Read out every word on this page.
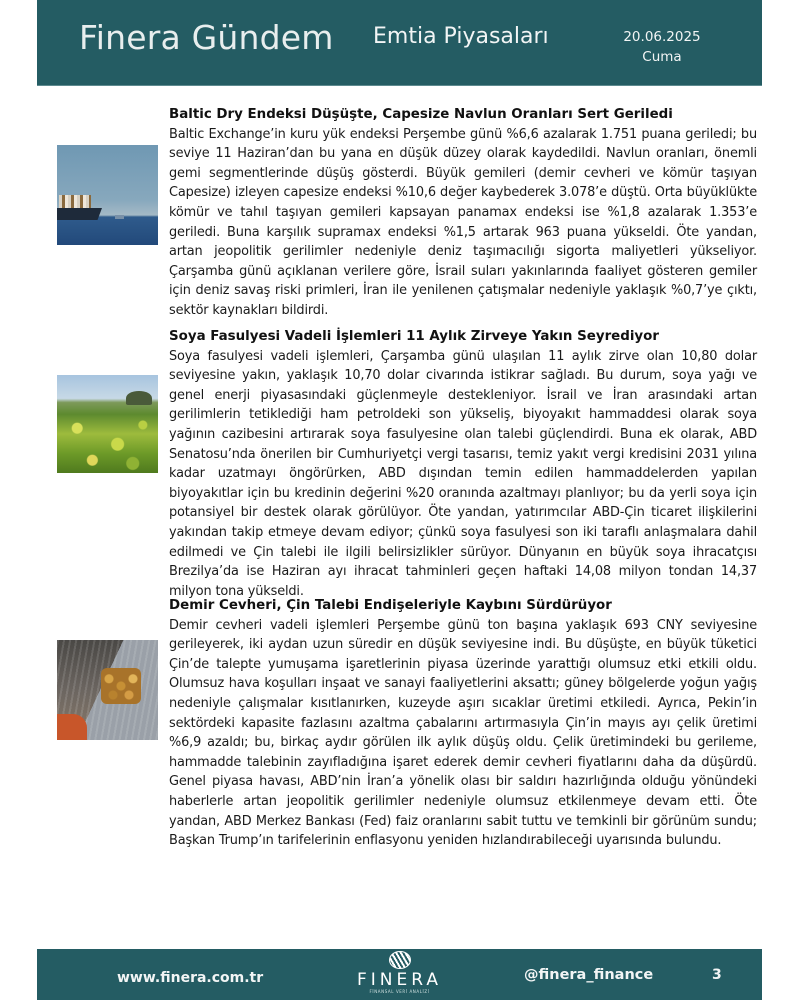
Finera Gündem Emtia Piyasaları	20.06.2025
Cuma
Baltic Dry Endeksi Düşüşte, Capesize Navlun Oranları Sert Geriledi

Baltic Exchange’in kuru yük endeksi Perşembe günü %6,6 azalarak 1.751 puana geriledi; bu seviye 11 Haziran’dan bu yana en düşük düzey olarak kaydedildi. Navlun oranları, önemli gemi segmentlerinde düşüş gösterdi. Büyük gemileri (demir cevheri ve kömür taşıyan Capesize) izleyen capesize endeksi %10,6 değer kaybederek 3.078’e düştü. Orta büyüklükte kömür ve tahıl taşıyan gemileri kapsayan panamax endeksi ise %1,8 azalarak 1.353’e geriledi. Buna karşılık supramax endeksi %1,5 artarak 963 puana yükseldi. Öte yandan, artan jeopolitik gerilimler nedeniyle deniz taşımacılığı sigorta maliyetleri yükseliyor. Çarşamba günü açıklanan verilere göre, İsrail suları yakınlarında faaliyet gösteren gemiler için deniz savaş riski primleri, İran ile yenilenen çatışmalar nedeniyle yaklaşık %0,7’ye çıktı, sektör kaynakları bildirdi.

Soya Fasulyesi Vadeli İşlemleri 11 Aylık Zirveye Yakın Seyrediyor

Soya fasulyesi vadeli işlemleri, Çarşamba günü ulaşılan 11 aylık zirve olan 10,80 dolar seviyesine yakın, yaklaşık 10,70 dolar civarında istikrar sağladı. Bu durum, soya yağı ve genel enerji piyasasındaki güçlenmeyle destekleniyor. İsrail ve İran arasındaki artan gerilimlerin tetiklediği ham petroldeki son yükseliş, biyoyakıt hammaddesi olarak soya yağının cazibesini artırarak soya fasulyesine olan talebi güçlendirdi. Buna ek olarak, ABD Senatosu’nda önerilen bir Cumhuriyetçi vergi tasarısı, temiz yakıt vergi kredisini 2031 yılına kadar uzatmayı öngörürken, ABD dışından temin edilen hammaddelerden yapılan biyoyakıtlar için bu kredinin değerini %20 oranında azaltmayı planlıyor; bu da yerli soya için potansiyel bir destek olarak görülüyor. Öte yandan, yatırımcılar ABD-Çin ticaret ilişkilerini yakından takip etmeye devam ediyor; çünkü soya fasulyesi son iki taraflı anlaşmalara dahil edilmedi ve Çin talebi ile ilgili belirsizlikler sürüyor. Dünyanın en büyük soya ihracatçısı Brezilya’da ise Haziran ayı ihracat tahminleri geçen haftaki 14,08 milyon tondan 14,37 milyon tona yükseldi.

Demir Cevheri, Çin Talebi Endişeleriyle Kaybını Sürdürüyor

Demir cevheri vadeli işlemleri Perşembe günü ton başına yaklaşık 693 CNY seviyesine gerileyerek, iki aydan uzun süredir en düşük seviyesine indi. Bu düşüşte, en büyük tüketici Çin’de talepte yumuşama işaretlerinin piyasa üzerinde yarattığı olumsuz etki etkili oldu. Olumsuz hava koşulları inşaat ve sanayi faaliyetlerini aksattı; güney bölgelerde yoğun yağış nedeniyle çalışmalar kısıtlanırken, kuzeyde aşırı sıcaklar üretimi etkiledi. Ayrıca, Pekin’in sektördeki kapasite fazlasını azaltma çabalarını artırmasıyla Çin’in mayıs ayı çelik üretimi %6,9 azaldı; bu, birkaç aydır görülen ilk aylık düşüş oldu. Çelik üretimindeki bu gerileme, hammadde talebinin zayıfladığına işaret ederek demir cevheri fiyatlarını daha da düşürdü. Genel piyasa havası, ABD’nin İran’a yönelik olası bir saldırı hazırlığında olduğu yönündeki haberlerle artan jeopolitik gerilimler nedeniyle olumsuz etkilenmeye devam etti. Öte yandan, ABD Merkez Bankası (Fed) faiz oranlarını sabit tuttu ve temkinli bir görünüm sundu; Başkan Trump’ın tarifelerinin enflasyonu yeniden hızlandırabileceği uyarısında bulundu.

www.finera.com.tr	FINERA
FİNANSAL VERİ ANALİZİ
@finera_finance	3
